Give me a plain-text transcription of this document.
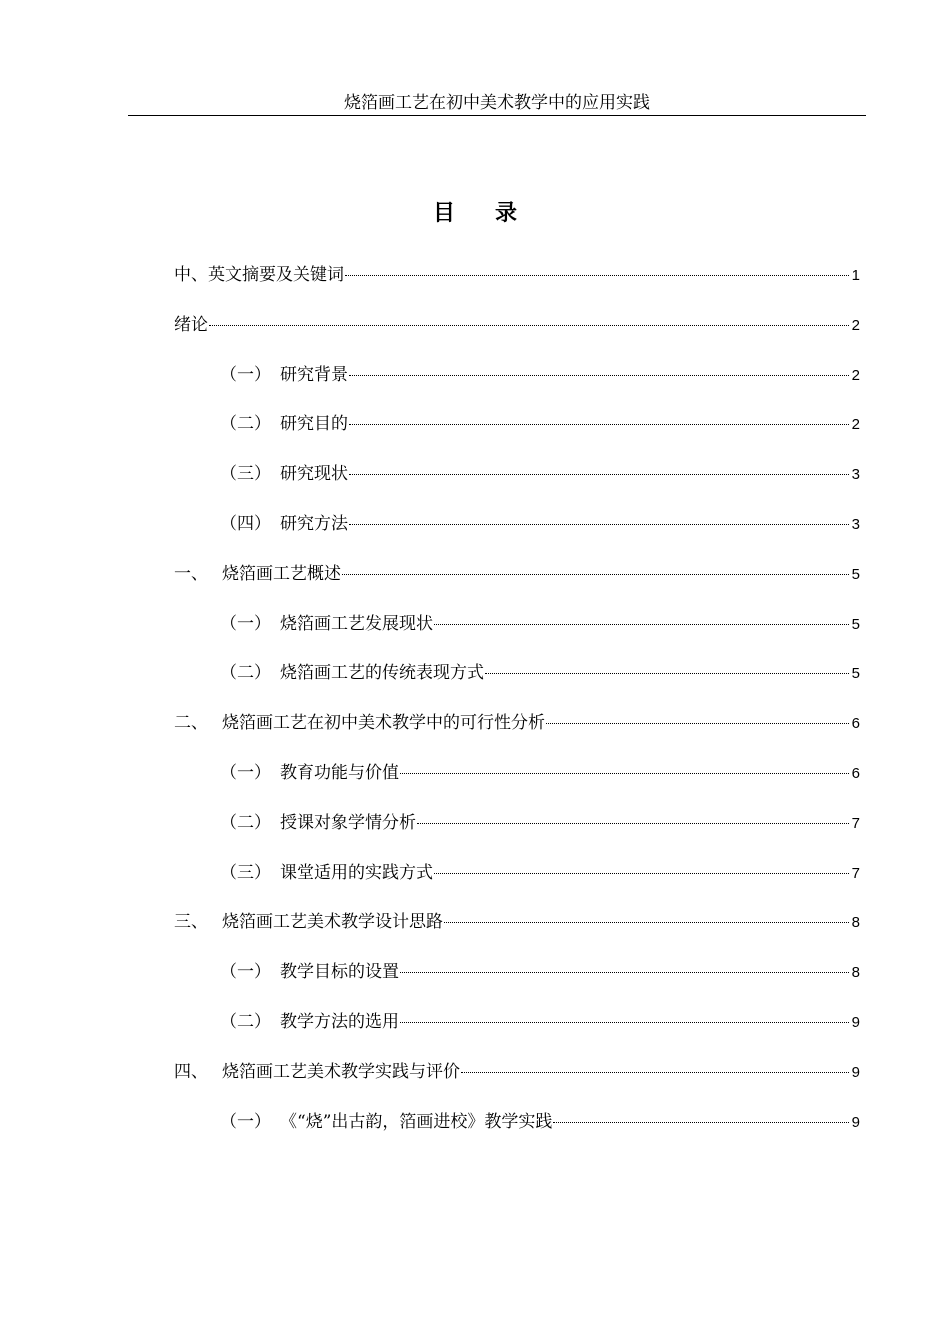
烧箔画工艺在初中美术教学中的应用实践
目录
中、英文摘要及关键词	1
绪论	2
（一） 研究背景	2
（二） 研究目的	2
（三） 研究现状	3
（四） 研究方法	3
一、 烧箔画工艺概述	5
（一） 烧箔画工艺发展现状	5
（二） 烧箔画工艺的传统表现方式	5
二、 烧箔画工艺在初中美术教学中的可行性分析	6
（一） 教育功能与价值	6
（二） 授课对象学情分析	7
（三） 课堂适用的实践方式	7
三、 烧箔画工艺美术教学设计思路	8
（一） 教学目标的设置	8
（二） 教学方法的选用	9
四、 烧箔画工艺美术教学实践与评价	9
（一） 《“烧”出古韵，箔画进校》教学实践	9
